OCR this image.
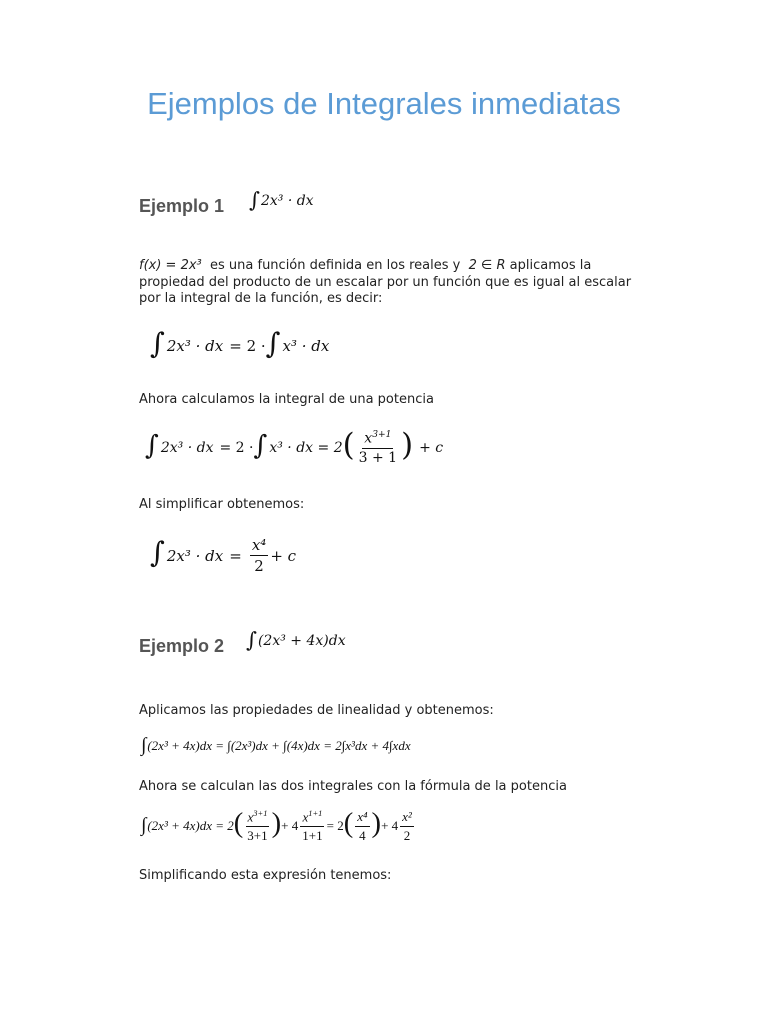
Ejemplos de Integrales inmediatas
Ejemplo 1 ∫ 2x³ · dx
f(x) = 2x³ es una función definida en los reales y 2 ∈ R aplicamos la propiedad del producto de un escalar por un función que es igual al escalar por la integral de la función, es decir:
∫ 2x³ · dx = 2 · ∫ x³ · dx
Ahora calculamos la integral de una potencia
∫ 2x³ · dx = 2 · ∫ x³ · dx = 2 ( $\frac{x^{3+1}}{3 + 1}$ ) + c
Al simplificar obtenemos:
∫ 2x³ · dx = $\frac{\text{x⁴}}{2} + c$
Ejemplo 2 ∫ (2x³ + 4x)dx
Aplicamos las propiedades de linealidad y obtenemos:
∫ (2x³ + 4x)dx = ∫(2x³)dx + ∫(4x)dx = 2∫x³dx + 4∫xdx
Ahora se calculan las dos integrales con la fórmula de la potencia
∫ (2x³ + 4x)dx = 2 ( $\frac{x^{3+1}}{3+1}$ ) + $4 \frac{x^{1+1}}{1+1} = 2$ ( $\frac{\text{x⁴}}{4}$ ) + $4 \frac{\text{x²}}{2}$
Simplificando esta expresión tenemos:
